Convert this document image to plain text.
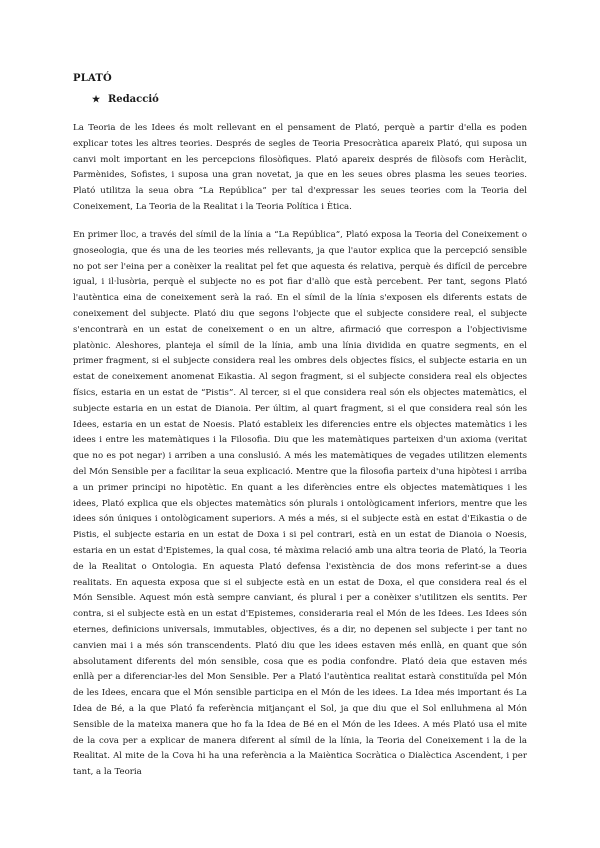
PLATÓ
★ Redacció

La Teoria de les Idees és molt rellevant en el pensament de Plató, perquè a partir d'ella es poden explicar totes les altres teories. Després de segles de Teoria Presocràtica apareix Plató, qui suposa un canvi molt important en les percepcions filosòfiques. Plató apareix després de filòsofs com Heràclit, Parmènides, Sofistes, i suposa una gran novetat, ja que en les seues obres plasma les seues teories. Plató utilitza la seua obra “La República” per tal d'expressar les seues teories com la Teoria del Coneixement, La Teoria de la Realitat i la Teoria Política i Ètica.

En primer lloc, a través del símil de la línia a “La República”, Plató exposa la Teoria del Coneixement o gnoseologia, que és una de les teories més rellevants, ja que l'autor explica que la percepció sensible no pot ser l'eina per a conèixer la realitat pel fet que aquesta és relativa, perquè és difícil de percebre igual, i il·lusòria, perquè el subjecte no es pot fiar d'allò que està percebent. Per tant, segons Plató l'autèntica eina de coneixement serà la raó. En el símil de la línia s'exposen els diferents estats de coneixement del subjecte. Plató diu que segons l'objecte que el subjecte considere real, el subjecte s'encontrarà en un estat de coneixement o en un altre, afirmació que correspon a l'objectivisme platònic. Aleshores, planteja el símil de la línia, amb una línia dividida en quatre segments, en el primer fragment, si el subjecte considera real les ombres dels objectes físics, el subjecte estaria en un estat de coneixement anomenat Eikastia. Al segon fragment, si el subjecte considera real els objectes físics, estaria en un estat de “Pistis”. Al tercer, si el que considera real són els objectes matemàtics, el subjecte estaria en un estat de Dianoia. Per últim, al quart fragment, si el que considera real són les Idees, estaria en un estat de Noesis. Plató estableix les diferencies entre els objectes matemàtics i les idees i entre les matemàtiques i la Filosofia. Diu que les matemàtiques parteixen d'un axioma (veritat que no es pot negar) i arriben a una conslusió. A més les matemàtiques de vegades utilitzen elements del Món Sensible per a facilitar la seua explicació. Mentre que la filosofia parteix d'una hipòtesi i arriba a un primer principi no hipotètic. En quant a les diferències entre els objectes matemàtiques i les idees, Plató explica que els objectes matemàtics són plurals i ontològicament inferiors, mentre que les idees són úniques i ontològicament superiors. A més a més, si el subjecte està en estat d'Eikastia o de Pistis, el subjecte estaria en un estat de Doxa i si pel contrari, està en un estat de Dianoia o Noesis, estaria en un estat d'Epistemes, la qual cosa, té màxima relació amb una altra teoria de Plató, la Teoria de la Realitat o Ontologia. En aquesta Plató defensa l'existència de dos mons referint-se a dues realitats. En aquesta exposa que si el subjecte està en un estat de Doxa, el que considera real és el Món Sensible. Aquest món està sempre canviant, és plural i per a conèixer s'utilitzen els sentits. Per contra, si el subjecte està en un estat d'Epistemes, consideraria real el Món de les Idees. Les Idees són eternes, definicions universals, immutables, objectives, és a dir, no depenen sel subjecte i per tant no canvien mai i a més són transcendents. Plató diu que les idees estaven més enllà, en quant que són absolutament diferents del món sensible, cosa que es podia confondre. Plató deia que estaven més enllà per a diferenciar-les del Mon Sensible. Per a Plató l'autèntica realitat estarà constituïda pel Món de les Idees, encara que el Món sensible participa en el Món de les idees. La Idea més important és La Idea de Bé, a la que Plató fa referència mitjançant el Sol, ja que diu que el Sol enlluhmena al Món Sensible de la mateixa manera que ho fa la Idea de Bé en el Món de les Idees. A més Plató usa el mite de la cova per a explicar de manera diferent al símil de la línia, la Teoria del Coneixement i la de la Realitat. Al mite de la Cova hi ha una referència a la Maièntica Socràtica o Dialèctica Ascendent, i per tant, a la Teoria
